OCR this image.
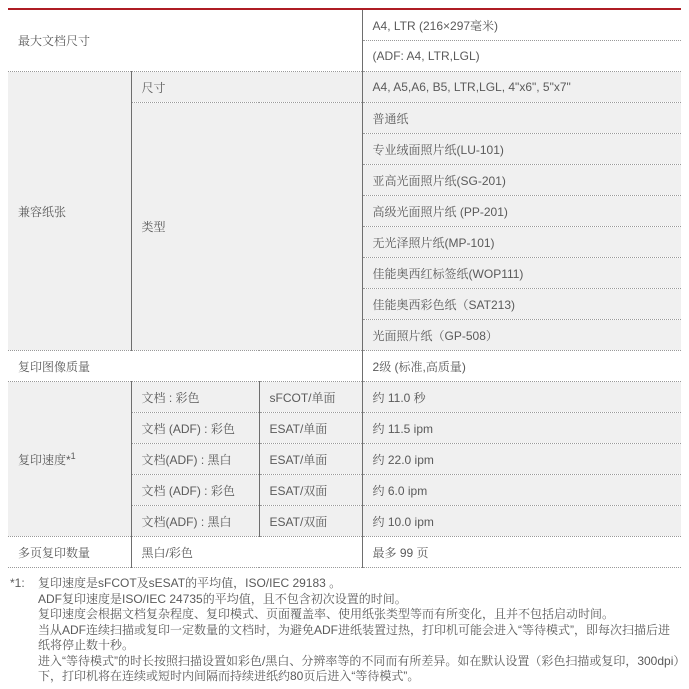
最大文档尺寸			A4, LTR (216×297毫米)
			(ADF: A4, LTR,LGL)
兼容纸张	尺寸		A4, A5,A6, B5, LTR,LGL, 4"x6", 5"x7"
	类型		普通纸
			专业绒面照片纸(LU-101)
			亚高光面照片纸(SG-201)
			高级光面照片纸 (PP-201)
			无光泽照片纸(MP-101)
			佳能奥西红标签纸(WOP111)
			佳能奥西彩色纸（SAT213)
			光面照片纸（GP-508）
复印图像质量			2级 (标准,高质量)
复印速度*$^1$	文档 : 彩色	sFCOT/单面	约 11.0 秒
	文档 (ADF) : 彩色	ESAT/单面	约 11.5 ipm
	文档(ADF) : 黑白	ESAT/单面	约 22.0 ipm
	文档 (ADF) : 彩色	ESAT/双面	约 6.0 ipm
	文档(ADF) : 黑白	ESAT/双面	约 10.0 ipm
多页复印数量	黑白/彩色		最多 99 页
*1:	复印速度是sFCOT及sESAT的平均值，ISO/IEC 29183 。

ADF复印速度是ISO/IEC 24735的平均值，且不包含初次设置的时间。

复印速度会根据文档复杂程度、复印模式、页面覆盖率、使用纸张类型等而有所变化，且并不包括启动时间。

当从ADF连续扫描或复印一定数量的文档时，为避免ADF进纸装置过热，打印机可能会进入“等待模式”，即每次扫描后进纸将停止数十秒。

进入“等待模式”的时长按照扫描设置如彩色/黑白、分辨率等的不同而有所差异。如在默认设置（彩色扫描或复印，300dpi）下，打印机将在连续或短时内间隔而持续进纸约80页后进入“等待模式”。
